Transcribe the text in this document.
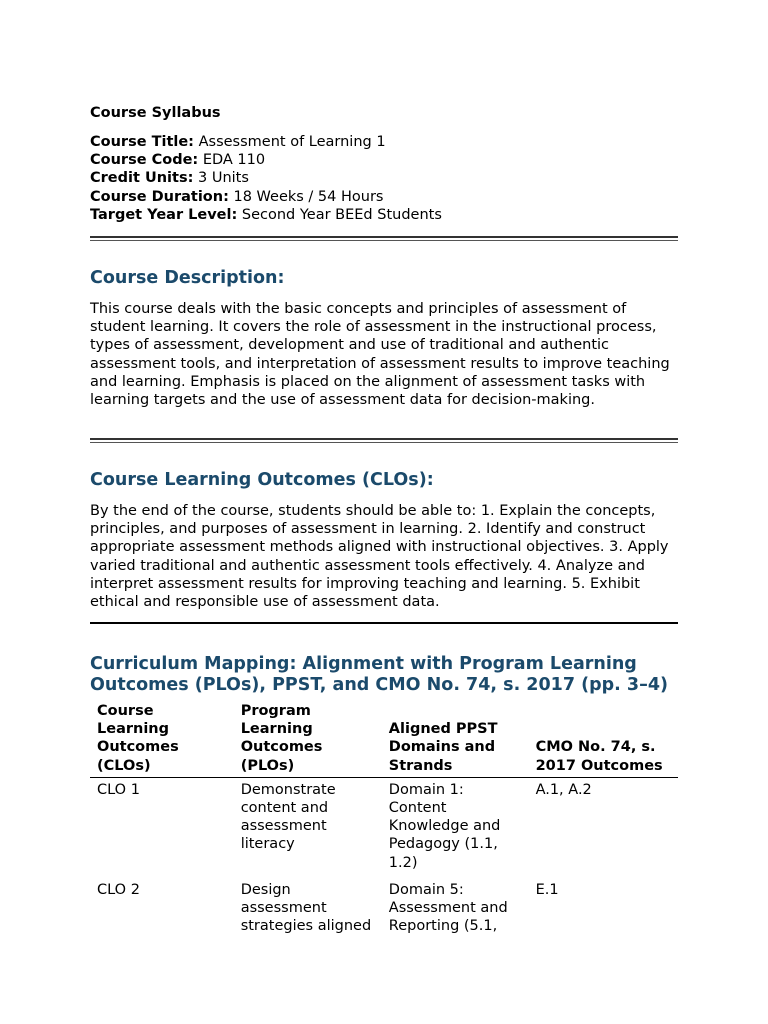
Course Syllabus
Course Title: Assessment of Learning 1
Course Code: EDA 110
Credit Units: 3 Units
Course Duration: 18 Weeks / 54 Hours
Target Year Level: Second Year BEEd Students
Course Description:
This course deals with the basic concepts and principles of assessment of student learning. It covers the role of assessment in the instructional process, types of assessment, development and use of traditional and authentic assessment tools, and interpretation of assessment results to improve teaching and learning. Emphasis is placed on the alignment of assessment tasks with learning targets and the use of assessment data for decision-making.
Course Learning Outcomes (CLOs):
By the end of the course, students should be able to: 1. Explain the concepts, principles, and purposes of assessment in learning. 2. Identify and construct appropriate assessment methods aligned with instructional objectives. 3. Apply varied traditional and authentic assessment tools effectively. 4. Analyze and interpret assessment results for improving teaching and learning. 5. Exhibit ethical and responsible use of assessment data.
Curriculum Mapping: Alignment with Program Learning Outcomes (PLOs), PPST, and CMO No. 74, s. 2017 (pp. 3–4)
Course Learning Outcomes (CLOs)	Program Learning Outcomes (PLOs)	Aligned PPST Domains and Strands	CMO No. 74, s. 2017 Outcomes
CLO 1	Demonstrate content and assessment literacy	Domain 1: Content Knowledge and Pedagogy (1.1, 1.2)	A.1, A.2
CLO 2	Design assessment strategies aligned	Domain 5: Assessment and Reporting (5.1,	E.1
